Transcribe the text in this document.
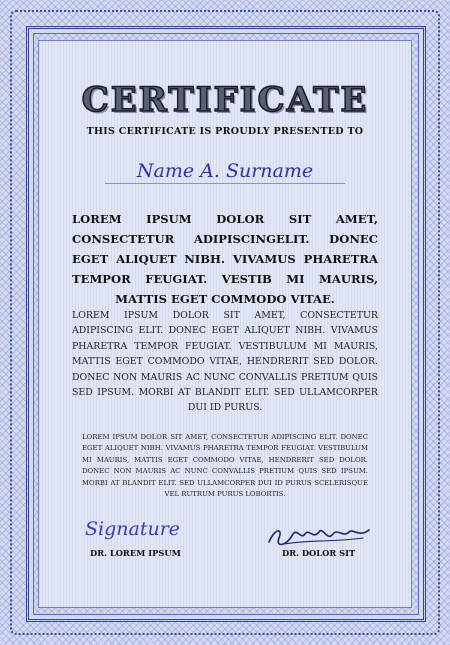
CERTIFICATE
THIS CERTIFICATE IS PROUDLY PRESENTED TO
Name A. Surname

LOREM IPSUM DOLOR SIT AMET, CONSECTETUR ADIPISCINGELIT. DONEC EGET ALIQUET NIBH. VIVAMUS PHARETRA TEMPOR FEUGIAT. VESTIB MI MAURIS, MATTIS EGET COMMODO VITAE.

LOREM IPSUM DOLOR SIT AMET, CONSECTETUR ADIPISCING ELIT. DONEC EGET ALIQUET NIBH. VIVAMUS PHARETRA TEMPOR FEUGIAT. VESTIBULUM MI MAURIS, MATTIS EGET COMMODO VITAE, HENDRERIT SED DOLOR. DONEC NON MAURIS AC NUNC CONVALLIS PRETIUM QUIS SED IPSUM. MORBI AT BLANDIT ELIT. SED ULLAMCORPER DUI ID PURUS.

LOREM IPSUM DOLOR SIT AMET, CONSECTETUR ADIPISCING ELIT. DONEC EGET ALIQUET NIBH. VIVAMUS PHARETRA TEMPOR FEUGIAT. VESTIBULUM MI MAURIS, MATTIS EGET COMMODO VITAE, HENDRERIT SED DOLOR. DONEC NON MAURIS AC NUNC CONVALLIS PRETIUM QUIS SED IPSUM. MORBI AT BLANDIT ELIT. SED ULLAMCORPER DUI ID PURUS SCELERISQUE VEL RUTRUM PURUS LOBORTIS.

Signature
DR. LOREM IPSUM	DR. DOLOR SIT
